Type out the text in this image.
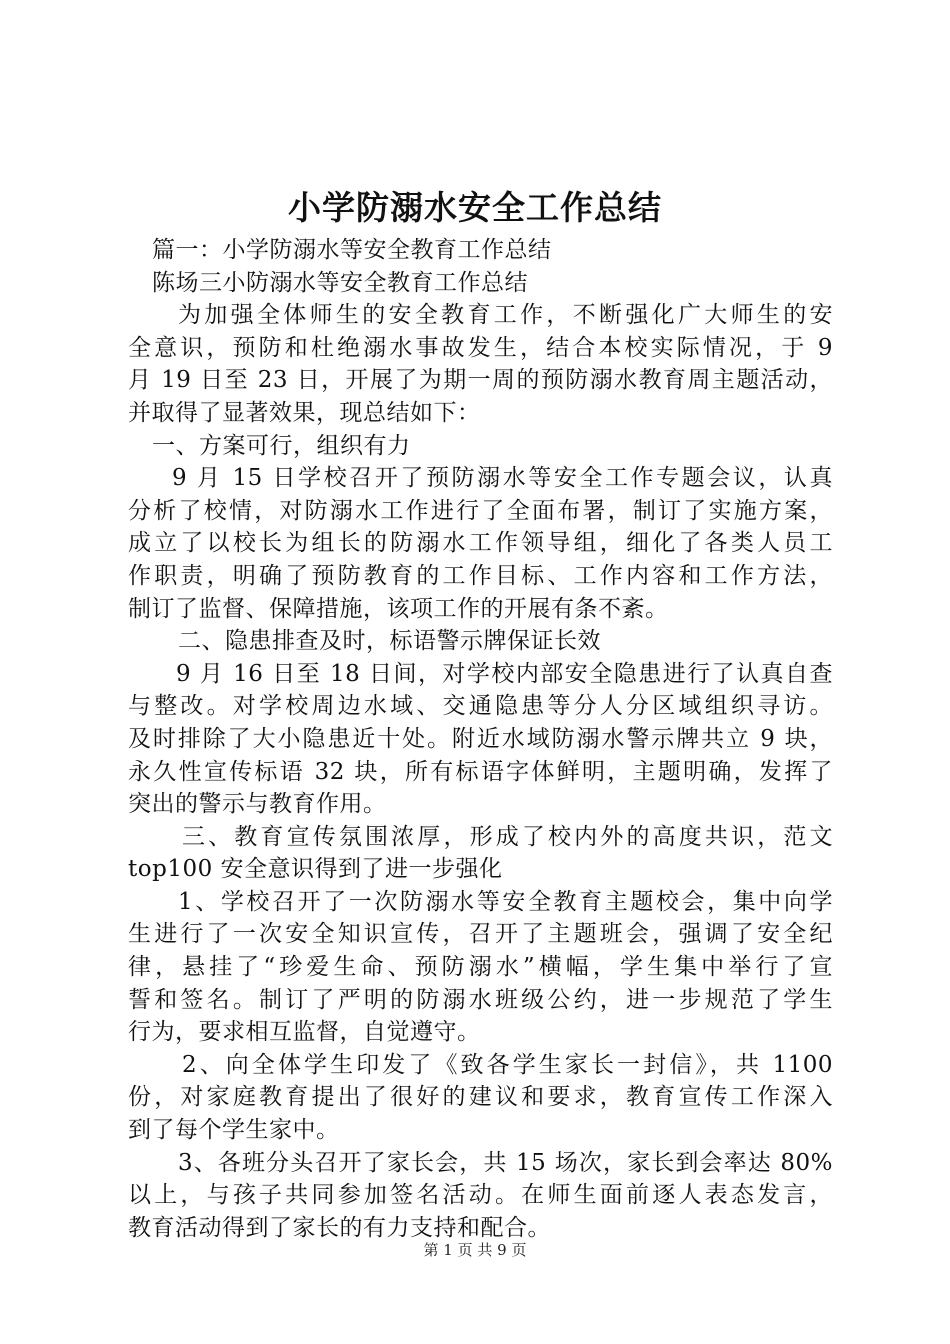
小学防溺水安全工作总结
篇一：小学防溺水等安全教育工作总结
陈场三小防溺水等安全教育工作总结
为加强全体师生的安全教育工作，不断强化广大师生的安
全意识，预防和杜绝溺水事故发生，结合本校实际情况，于 9
月 19 日至 23 日，开展了为期一周的预防溺水教育周主题活动，
并取得了显著效果，现总结如下：
一、方案可行，组织有力
9 月 15 日学校召开了预防溺水等安全工作专题会议，认真
分析了校情，对防溺水工作进行了全面布署，制订了实施方案，
成立了以校长为组长的防溺水工作领导组，细化了各类人员工
作职责，明确了预防教育的工作目标、工作内容和工作方法，
制订了监督、保障措施，该项工作的开展有条不紊。
二、隐患排查及时，标语警示牌保证长效
9 月 16 日至 18 日间，对学校内部安全隐患进行了认真自查
与整改。对学校周边水域、交通隐患等分人分区域组织寻访。
及时排除了大小隐患近十处。附近水域防溺水警示牌共立 9 块，
永久性宣传标语 32 块，所有标语字体鲜明，主题明确，发挥了
突出的警示与教育作用。
三、教育宣传氛围浓厚，形成了校内外的高度共识，范文
top100 安全意识得到了进一步强化
1、学校召开了一次防溺水等安全教育主题校会，集中向学
生进行了一次安全知识宣传，召开了主题班会，强调了安全纪
律，悬挂了“珍爱生命、预防溺水”横幅，学生集中举行了宣
誓和签名。制订了严明的防溺水班级公约，进一步规范了学生
行为，要求相互监督，自觉遵守。
2、向全体学生印发了《致各学生家长一封信》，共 1100
份，对家庭教育提出了很好的建议和要求，教育宣传工作深入
到了每个学生家中。
3、各班分头召开了家长会，共 15 场次，家长到会率达 80%
以上，与孩子共同参加签名活动。在师生面前逐人表态发言，
教育活动得到了家长的有力支持和配合。
第 1 页 共 9 页
